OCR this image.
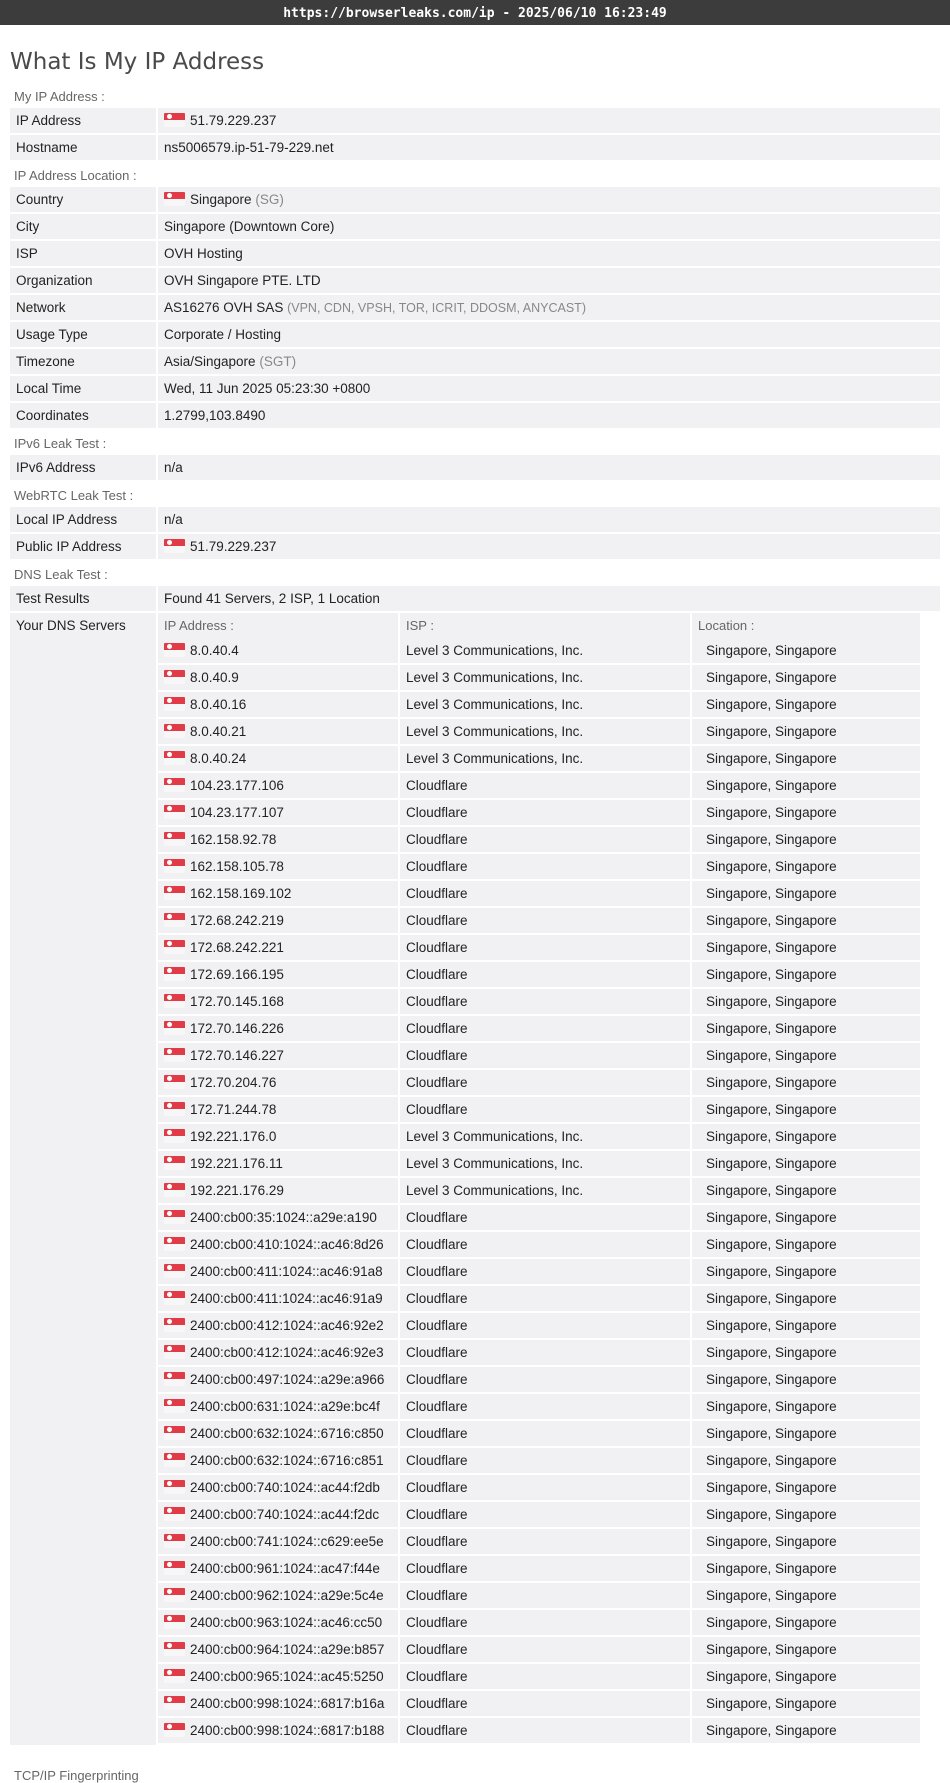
https://browserleaks.com/ip - 2025/06/10 16:23:49
What Is My IP Address
My IP Address :
IP Address	51.79.229.237
Hostname	ns5006579.ip-51-79-229.net
IP Address Location :
Country	Singapore (SG)
City	Singapore (Downtown Core)
ISP	OVH Hosting
Organization	OVH Singapore PTE. LTD
Network	AS16276 OVH SAS (VPN, CDN, VPSH, TOR, ICRIT, DDOSM, ANYCAST)
Usage Type	Corporate / Hosting
Timezone	Asia/Singapore (SGT)
Local Time	Wed, 11 Jun 2025 05:23:30 +0800
Coordinates	1.2799,103.8490
IPv6 Leak Test :
IPv6 Address	n/a
WebRTC Leak Test :
Local IP Address	n/a
Public IP Address	51.79.229.237
DNS Leak Test :
Test Results	Found 41 Servers, 2 ISP, 1 Location
Your DNS Servers	IP Address :	ISP :	Location :
8.0.40.4	Level 3 Communications, Inc.	Singapore, Singapore
8.0.40.9	Level 3 Communications, Inc.	Singapore, Singapore
8.0.40.16	Level 3 Communications, Inc.	Singapore, Singapore
8.0.40.21	Level 3 Communications, Inc.	Singapore, Singapore
8.0.40.24	Level 3 Communications, Inc.	Singapore, Singapore
104.23.177.106	Cloudflare	Singapore, Singapore
104.23.177.107	Cloudflare	Singapore, Singapore
162.158.92.78	Cloudflare	Singapore, Singapore
162.158.105.78	Cloudflare	Singapore, Singapore
162.158.169.102	Cloudflare	Singapore, Singapore
172.68.242.219	Cloudflare	Singapore, Singapore
172.68.242.221	Cloudflare	Singapore, Singapore
172.69.166.195	Cloudflare	Singapore, Singapore
172.70.145.168	Cloudflare	Singapore, Singapore
172.70.146.226	Cloudflare	Singapore, Singapore
172.70.146.227	Cloudflare	Singapore, Singapore
172.70.204.76	Cloudflare	Singapore, Singapore
172.71.244.78	Cloudflare	Singapore, Singapore
192.221.176.0	Level 3 Communications, Inc.	Singapore, Singapore
192.221.176.11	Level 3 Communications, Inc.	Singapore, Singapore
192.221.176.29	Level 3 Communications, Inc.	Singapore, Singapore
2400:cb00:35:1024::a29e:a190	Cloudflare	Singapore, Singapore
2400:cb00:410:1024::ac46:8d26	Cloudflare	Singapore, Singapore
2400:cb00:411:1024::ac46:91a8	Cloudflare	Singapore, Singapore
2400:cb00:411:1024::ac46:91a9	Cloudflare	Singapore, Singapore
2400:cb00:412:1024::ac46:92e2	Cloudflare	Singapore, Singapore
2400:cb00:412:1024::ac46:92e3	Cloudflare	Singapore, Singapore
2400:cb00:497:1024::a29e:a966	Cloudflare	Singapore, Singapore
2400:cb00:631:1024::a29e:bc4f	Cloudflare	Singapore, Singapore
2400:cb00:632:1024::6716:c850	Cloudflare	Singapore, Singapore
2400:cb00:632:1024::6716:c851	Cloudflare	Singapore, Singapore
2400:cb00:740:1024::ac44:f2db	Cloudflare	Singapore, Singapore
2400:cb00:740:1024::ac44:f2dc	Cloudflare	Singapore, Singapore
2400:cb00:741:1024::c629:ee5e	Cloudflare	Singapore, Singapore
2400:cb00:961:1024::ac47:f44e	Cloudflare	Singapore, Singapore
2400:cb00:962:1024::a29e:5c4e	Cloudflare	Singapore, Singapore
2400:cb00:963:1024::ac46:cc50	Cloudflare	Singapore, Singapore
2400:cb00:964:1024::a29e:b857	Cloudflare	Singapore, Singapore
2400:cb00:965:1024::ac45:5250	Cloudflare	Singapore, Singapore
2400:cb00:998:1024::6817:b16a	Cloudflare	Singapore, Singapore
2400:cb00:998:1024::6817:b188	Cloudflare	Singapore, Singapore
TCP/IP Fingerprinting
